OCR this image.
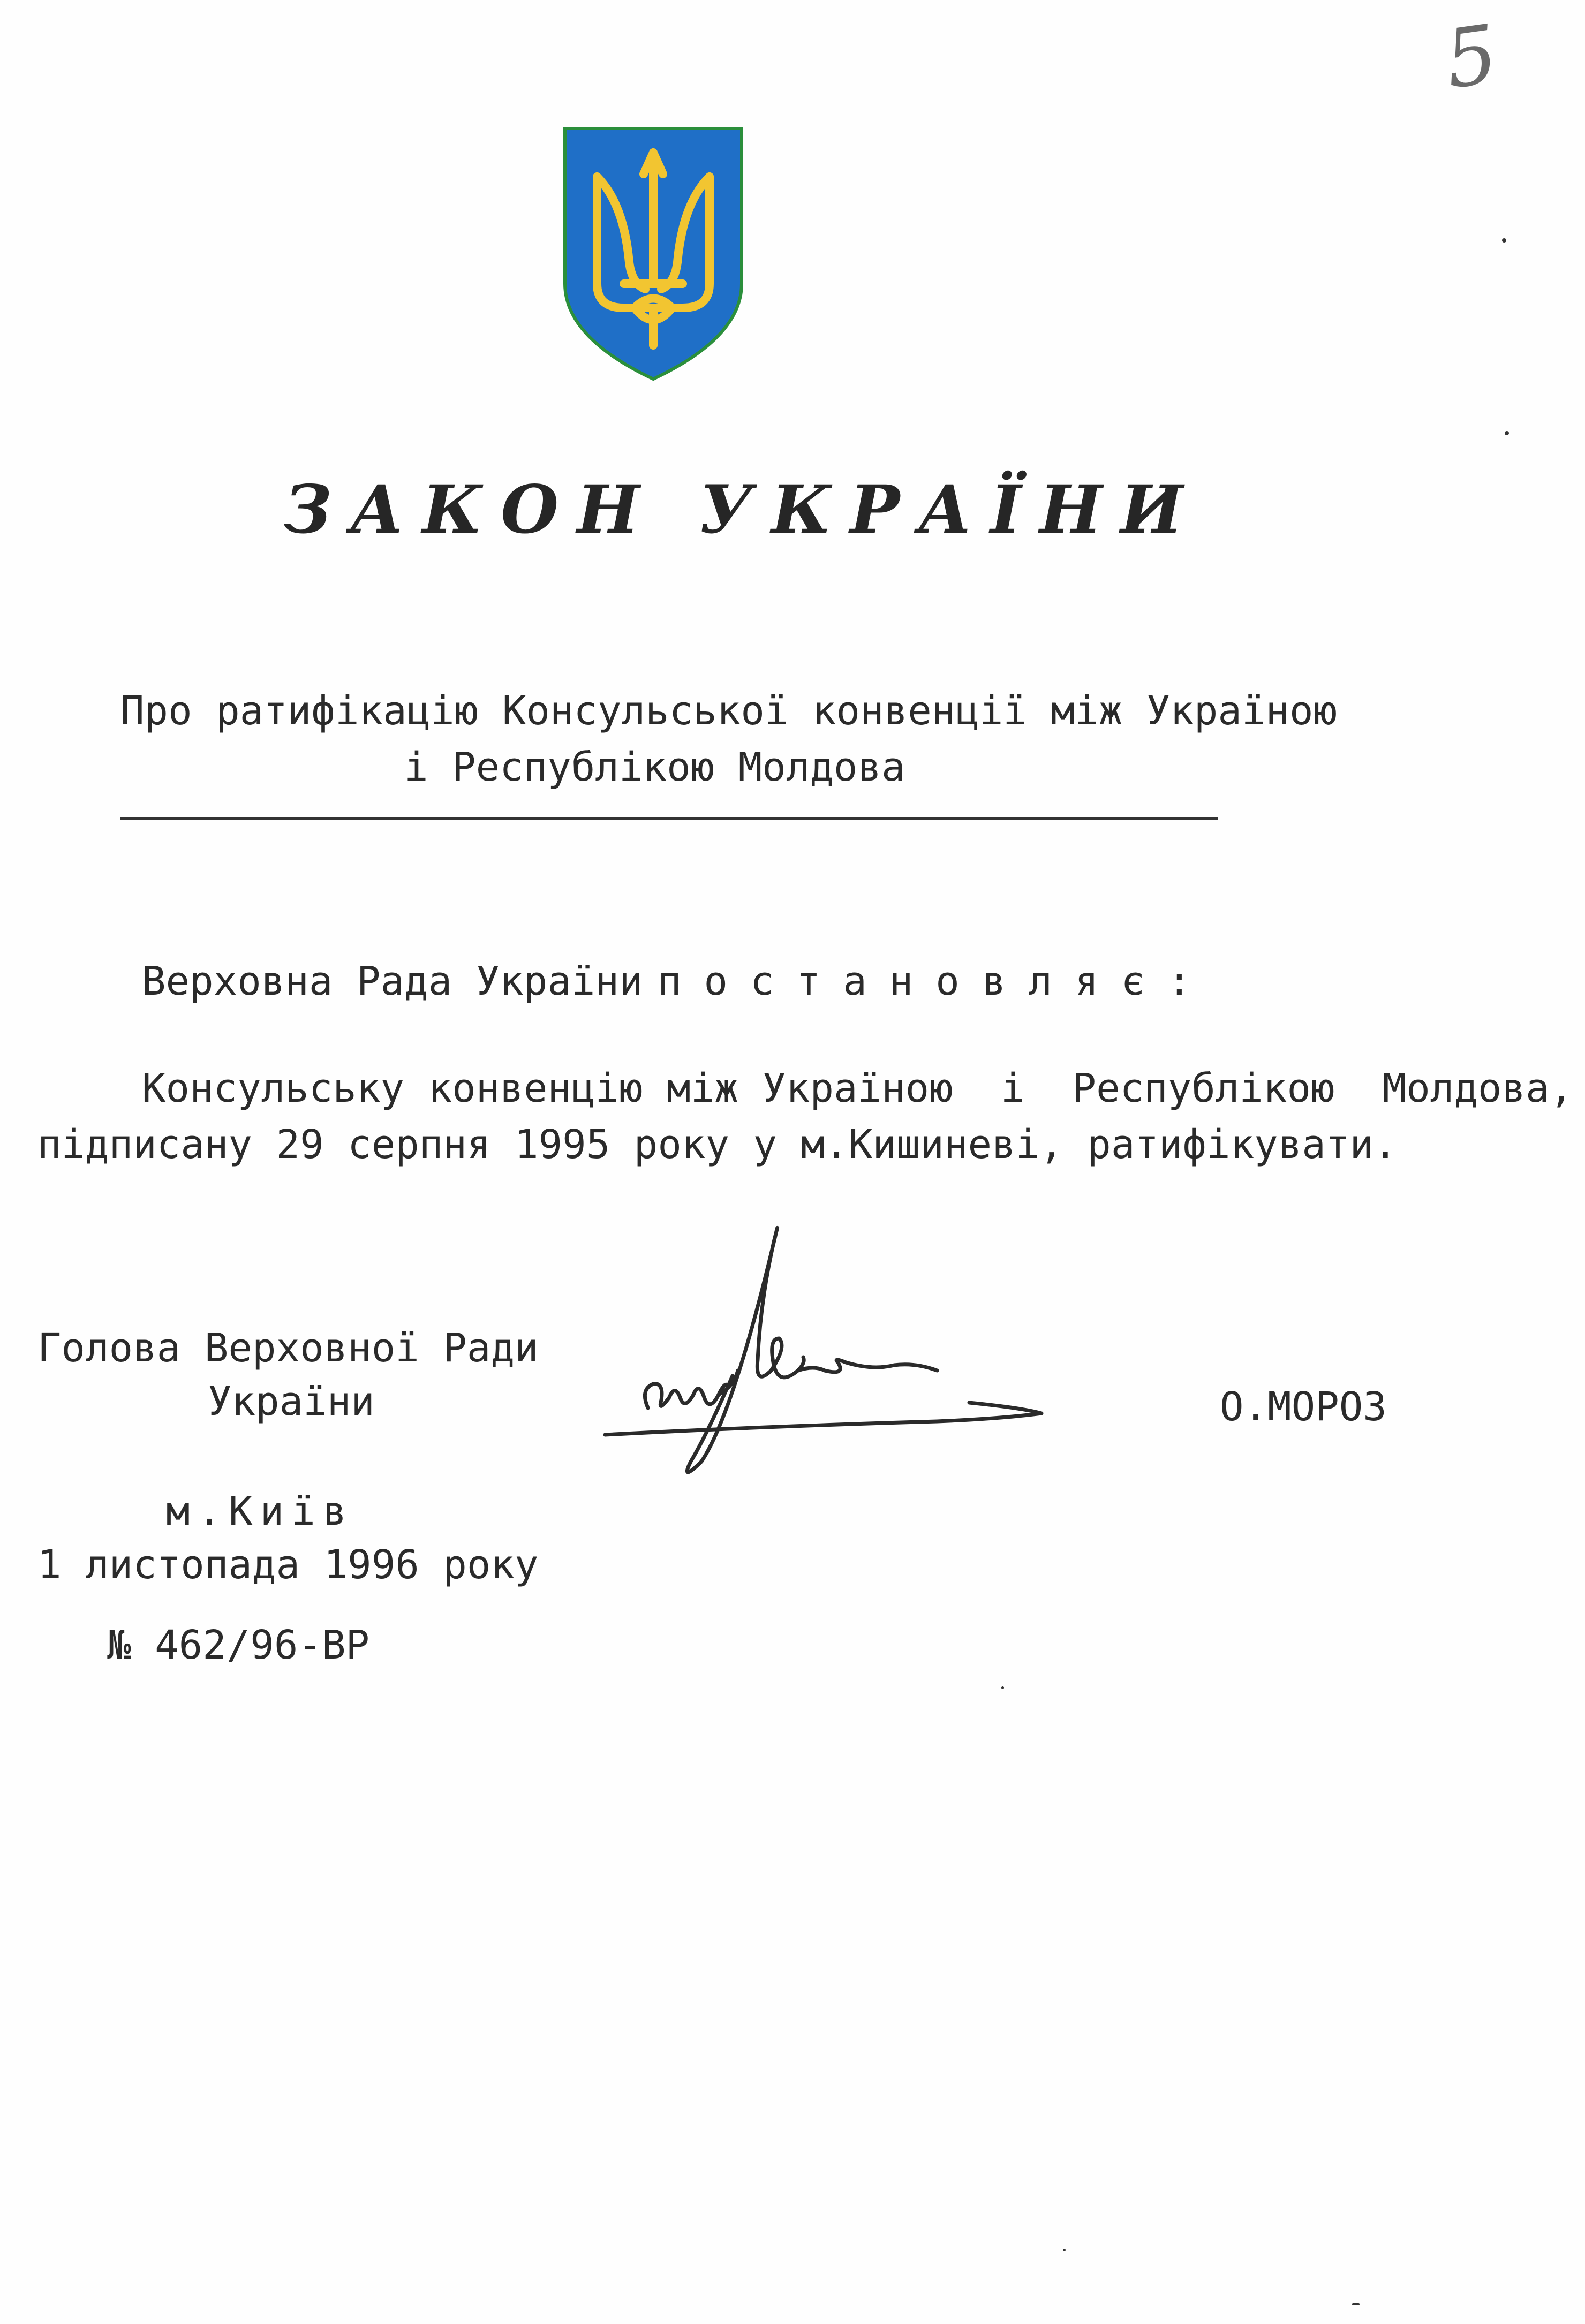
5
ЗАКОН УКРАЇНИ
Про ратифікацію Консульської конвенції між Україною
і Республікою Молдова
Верховна Рада України постановляє:
Консульську конвенцію між Україною  і  Республікою  Молдова,
підписану 29 серпня 1995 року у м.Кишиневі, ратифікувати.
Голова Верховної Ради
України	О.МОРОЗ
м.Київ
1 листопада 1996 року
№ 462/96-ВР
